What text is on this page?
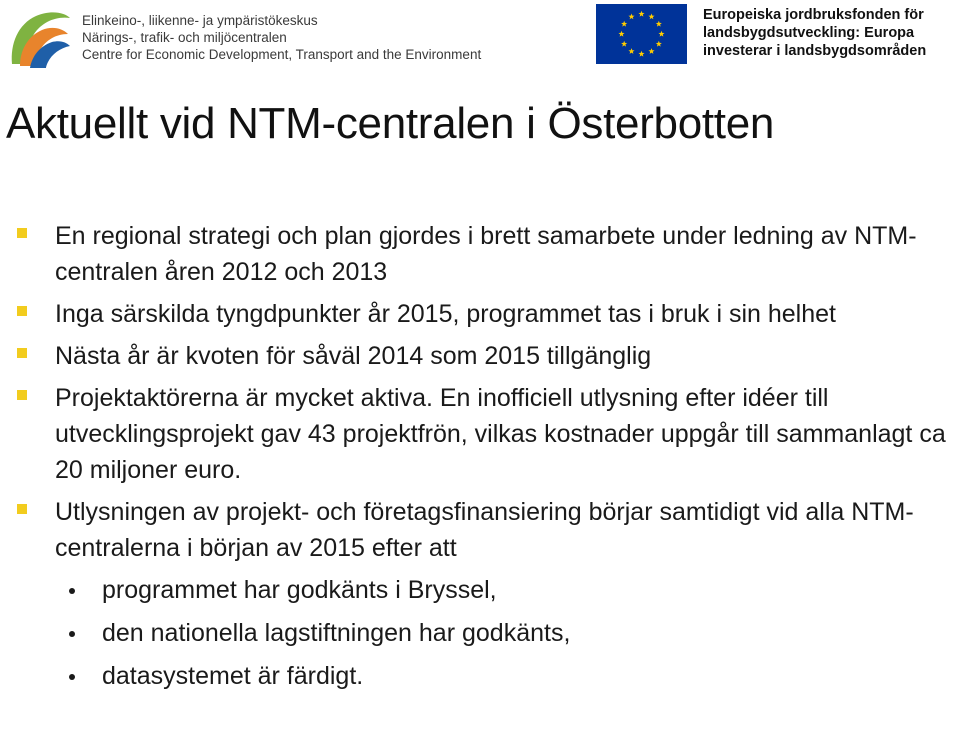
Elinkeino-, liikenne- ja ympäristökeskus
Närings-, trafik- och miljöcentralen
Centre for Economic Development, Transport and the Environment
Europeiska jordbruksfonden för
landsbygdsutveckling: Europa
investerar i landsbygdsområden
Aktuellt vid NTM-centralen i Österbotten
En regional strategi och plan gjordes i brett samarbete under ledning av NTM-centralen åren 2012 och 2013
Inga särskilda tyngdpunkter år 2015, programmet tas i bruk i sin helhet
Nästa år är kvoten för såväl 2014 som 2015 tillgänglig
Projektaktörerna är mycket aktiva. En inofficiell utlysning efter idéer till utvecklingsprojekt gav 43 projektfrön, vilkas kostnader uppgår till sammanlagt ca 20 miljoner euro.
Utlysningen av projekt- och företagsfinansiering börjar samtidigt vid alla NTM-centralerna i början av 2015 efter att
programmet har godkänts i Bryssel,
den nationella lagstiftningen har godkänts,
datasystemet är färdigt.
